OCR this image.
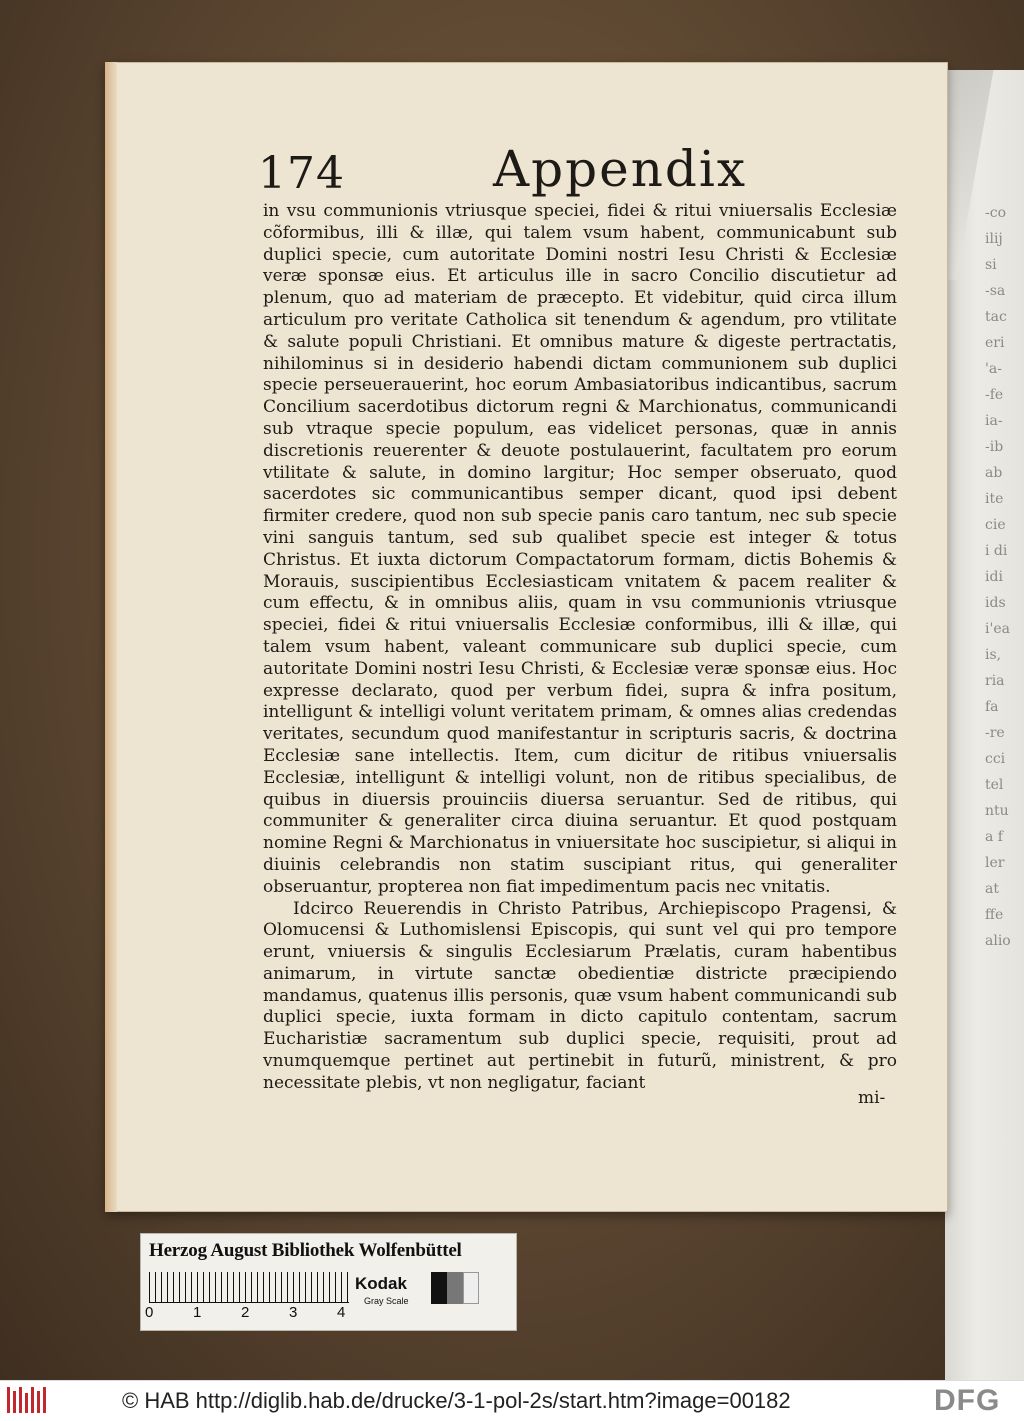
-co
ilij
si
-sa
tac
eri
'a-
-fe
ia-
-ib
ab
ite
cie
i di
idi
ids
i'ea
is,
ria
fa
-re
cci
tel
ntu
a f
ler
at
ffe
alio
174	Appendix

in vsu communionis vtriusque speciei, fidei & ritui vniuersalis Ecclesiæ cõformibus, illi & illæ, qui talem vsum habent, communicabunt sub duplici specie, cum autoritate Domini nostri Iesu Christi & Ecclesiæ veræ sponsæ eius. Et articulus ille in sacro Concilio discutietur ad plenum, quo ad materiam de præcepto. Et videbitur, quid circa illum articulum pro veritate Catholica sit tenendum & agendum, pro vtilitate & salute populi Christiani. Et omnibus mature & digeste pertractatis, nihilominus si in desiderio habendi dictam communionem sub duplici specie perseuerauerint, hoc eorum Ambasiatoribus indicantibus, sacrum Concilium sacerdotibus dictorum regni & Marchionatus, communicandi sub vtraque specie populum, eas videlicet personas, quæ in annis discretionis reuerenter & deuote postulauerint, facultatem pro eorum vtilitate & salute, in domino largitur; Hoc semper obseruato, quod sacerdotes sic communicantibus semper dicant, quod ipsi debent firmiter credere, quod non sub specie panis caro tantum, nec sub specie vini sanguis tantum, sed sub qualibet specie est integer & totus Christus. Et iuxta dictorum Compactatorum formam, dictis Bohemis & Morauis, suscipientibus Ecclesiasticam vnitatem & pacem realiter & cum effectu, & in omnibus aliis, quam in vsu communionis vtriusque speciei, fidei & ritui vniuersalis Ecclesiæ conformibus, illi & illæ, qui talem vsum habent, valeant communicare sub duplici specie, cum autoritate Domini nostri Iesu Christi, & Ecclesiæ veræ sponsæ eius. Hoc expresse declarato, quod per verbum fidei, supra & infra positum, intelligunt & intelligi volunt veritatem primam, & omnes alias credendas veritates, secundum quod manifestantur in scripturis sacris, & doctrina Ecclesiæ sane intellectis. Item, cum dicitur de ritibus vniuersalis Ecclesiæ, intelligunt & intelligi volunt, non de ritibus specialibus, de quibus in diuersis prouinciis diuersa seruantur. Sed de ritibus, qui communiter & generaliter circa diuina seruantur. Et quod postquam nomine Regni & Marchionatus in vniuersitate hoc suscipietur, si aliqui in diuinis celebrandis non statim suscipiant ritus, qui generaliter obseruantur, propterea non fiat impedimentum pacis nec vnitatis.

Idcirco Reuerendis in Christo Patribus, Archiepiscopo Pragensi, & Olomucensi & Luthomislensi Episcopis, qui sunt vel qui pro tempore erunt, vniuersis & singulis Ecclesiarum Prælatis, curam habentibus animarum, in virtute sanctæ obedientiæ districte præcipiendo mandamus, quatenus illis personis, quæ vsum habent communicandi sub duplici specie, iuxta formam in dicto capitulo contentam, sacrum Eucharistiæ sacramentum sub duplici specie, requisiti, prout ad vnumquemque pertinet aut pertinebit in futurũ, ministrent, & pro necessitate plebis, vt non negligatur, faciant

mi-
Herzog August Bibliothek Wolfenbüttel
0	1	2	3	4
Kodak
Gray Scale
© HAB http://diglib.hab.de/drucke/3-1-pol-2s/start.htm?image=00182	DFG
